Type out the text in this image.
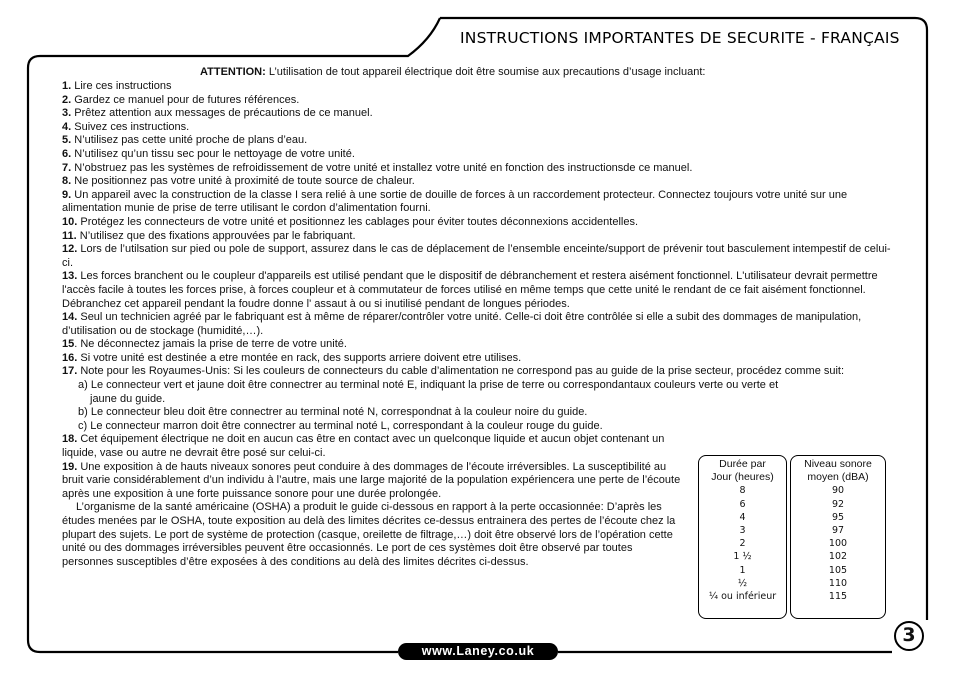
INSTRUCTIONS IMPORTANTES DE SECURITE - FRANÇAIS
ATTENTION: L’utilisation de tout appareil électrique doit être soumise aux precautions d’usage incluant:

1. Lire ces instructions

2. Gardez ce manuel pour de futures références.

3. Prêtez attention aux messages de précautions de ce manuel.

4. Suivez ces instructions.

5. N’utilisez pas cette unité proche de plans d’eau.

6. N’utilisez qu’un tissu sec pour le nettoyage de votre unité.

7. N’obstruez pas les systèmes de refroidissement de votre unité et installez votre unité en fonction des instructionsde ce manuel.

8. Ne positionnez pas votre unité à proximité de toute source de chaleur.

9. Un appareil avec la construction de la classe I sera relié à une sortie de douille de forces à un raccordement protecteur. Connectez toujours votre unité sur une alimentation munie de prise de terre utilisant le cordon d’alimentation fourni.

10. Protégez les connecteurs de votre unité et positionnez les cablages pour éviter toutes déconnexions accidentelles.

11. N’utilisez que des fixations approuvées par le fabriquant.

12. Lors de l’utilsation sur pied ou pole de support, assurez dans le cas de déplacement de l’ensemble enceinte/support de prévenir tout basculement intempestif de celui-ci.

13. Les forces branchent ou le coupleur d'appareils est utilisé pendant que le dispositif de débranchement et restera aisément fonctionnel. L'utilisateur devrait permettre l'accès facile à toutes les forces prise, à forces coupleur et à commutateur de forces utilisé en même temps que cette unité le rendant de ce fait aisément fonctionnel. Débranchez cet appareil pendant la foudre donne l' assaut à ou si inutilisé pendant de longues périodes.

14. Seul un technicien agréé par le fabriquant est à même de réparer/contrôler votre unité. Celle-ci doit être contrôlée si elle a subit des dommages de manipulation, d’utilisation ou de stockage (humidité,…).

15. Ne déconnectez jamais la prise de terre de votre unité.

16. Si votre unité est destinée a etre montée en rack, des supports arriere doivent etre utilises.

17. Note pour les Royaumes-Unis: Si les couleurs de connecteurs du cable d’alimentation ne correspond pas au guide de la prise secteur, procédez comme suit:

a) Le connecteur vert et jaune doit être connectrer au terminal noté E, indiquant la prise de terre ou correspondantaux couleurs verte ou verte et

jaune du guide.

b) Le connecteur bleu doit être connectrer au terminal noté N, correspondnat à la couleur noire du guide.

c) Le connecteur marron doit être connectrer au terminal noté L, correspondant à la couleur rouge du guide.

18. Cet équipement électrique ne doit en aucun cas être en contact avec un quelconque liquide et aucun objet contenant un liquide, vase ou autre ne devrait être posé sur celui-ci.

19. Une exposition à de hauts niveaux sonores peut conduire à des dommages de l’écoute irréversibles. La susceptibilité au bruit varie considérablement d’un individu à l’autre, mais une large majorité de la population expériencera une perte de l’écoute après une exposition à une forte puissance sonore pour une durée prolongée.

L’organisme de la santé américaine (OSHA) a produit le guide ci-dessous en rapport à la perte occasionnée: D’après les études menées par le OSHA, toute exposition au delà des limites décrites ce-dessus entrainera des pertes de l’écoute chez la plupart des sujets. Le port de système de protection (casque, oreilette de filtrage,…) doit être observé lors de l’opération cette unité ou des dommages irréversibles peuvent être occasionnés. Le port de ces systèmes doit être observé par toutes personnes susceptibles d’être exposées à des conditions au delà des limites décrites ci-dessus.

Durée par
Jour (heures)
8
6
4
3
2
1 ½
1
½
¼ ou inférieur
Niveau sonore
moyen (dBA)
90
92
95
97
100
102
105
110
115
www.Laney.co.uk
3
